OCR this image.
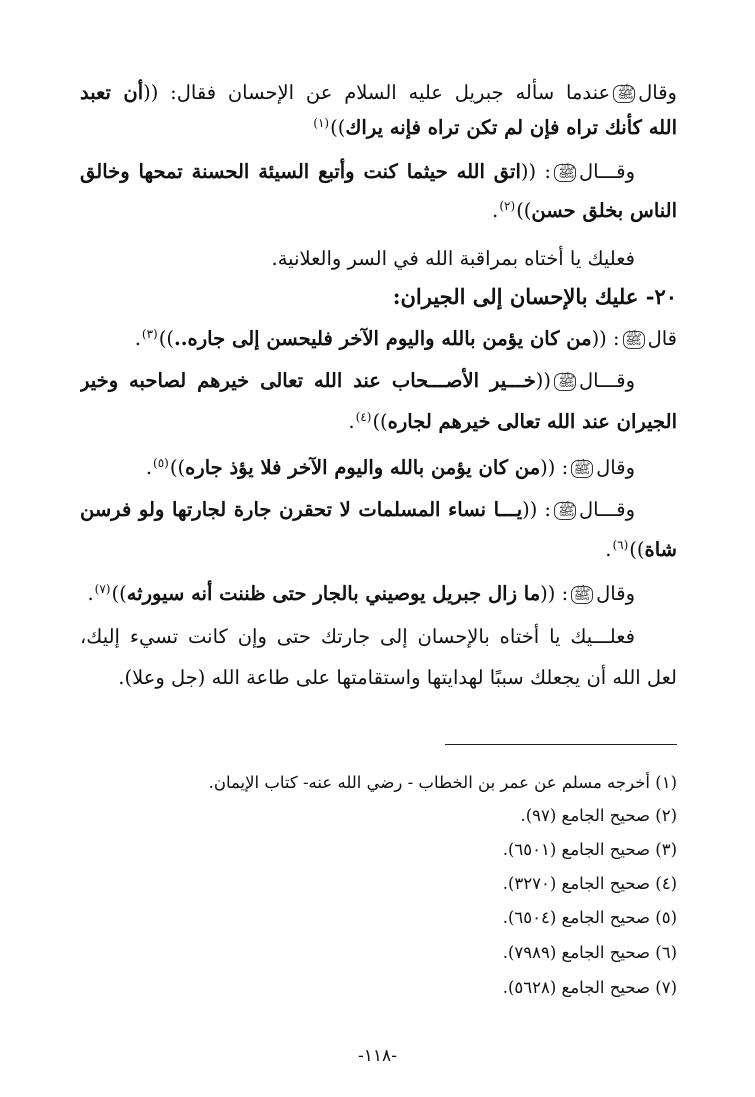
وقالﷺعندما سأله جبريل عليه السلام عن الإحسان فقال: ((أن تعبد
الله كأنك تراه فإن لم تكن تراه فإنه يراك))$^{(١)}$
وقـــالﷺ: ((اتق الله حيثما كنت وأتبع السيئة الحسنة تمحها وخالق
الناس بخلق حسن))$^{(٢)}$.
فعليك يا أختاه بمراقبة الله في السر والعلانية.
٢٠- عليك بالإحسان إلى الجيران:
قالﷺ: ((من كان يؤمن بالله واليوم الآخر فليحسن إلى جاره..))$^{(٣)}$.
وقـــالﷺ((خـــير الأصـــحاب عند الله تعالى خيرهم لصاحبه وخير
الجيران عند الله تعالى خيرهم لجاره))$^{(٤)}$.
وقالﷺ: ((من كان يؤمن بالله واليوم الآخر فلا يؤذ جاره))$^{(٥)}$.
وقـــالﷺ: ((يـــا نساء المسلمات لا تحقرن جارة لجارتها ولو فرسن
شاة))$^{(٦)}$.
وقالﷺ: ((ما زال جبريل يوصيني بالجار حتى ظننت أنه سيورثه))$^{(٧)}$.
فعلـــيك يا أختاه بالإحسان إلى جارتك حتى وإن كانت تسيء إليك،
لعل الله أن يجعلك سببًا لهدايتها واستقامتها على طاعة الله (جل وعلا).
(١) أخرجه مسلم عن عمر بن الخطاب - رضي الله عنه- كتاب الإيمان.
(٢) صحيح الجامع (٩٧).
(٣) صحيح الجامع (٦٥٠١).
(٤) صحيح الجامع (٣٢٧٠).
(٥) صحيح الجامع (٦٥٠٤).
(٦) صحيح الجامع (٧٩٨٩).
(٧) صحيح الجامع (٥٦٢٨).
-١١٨-
